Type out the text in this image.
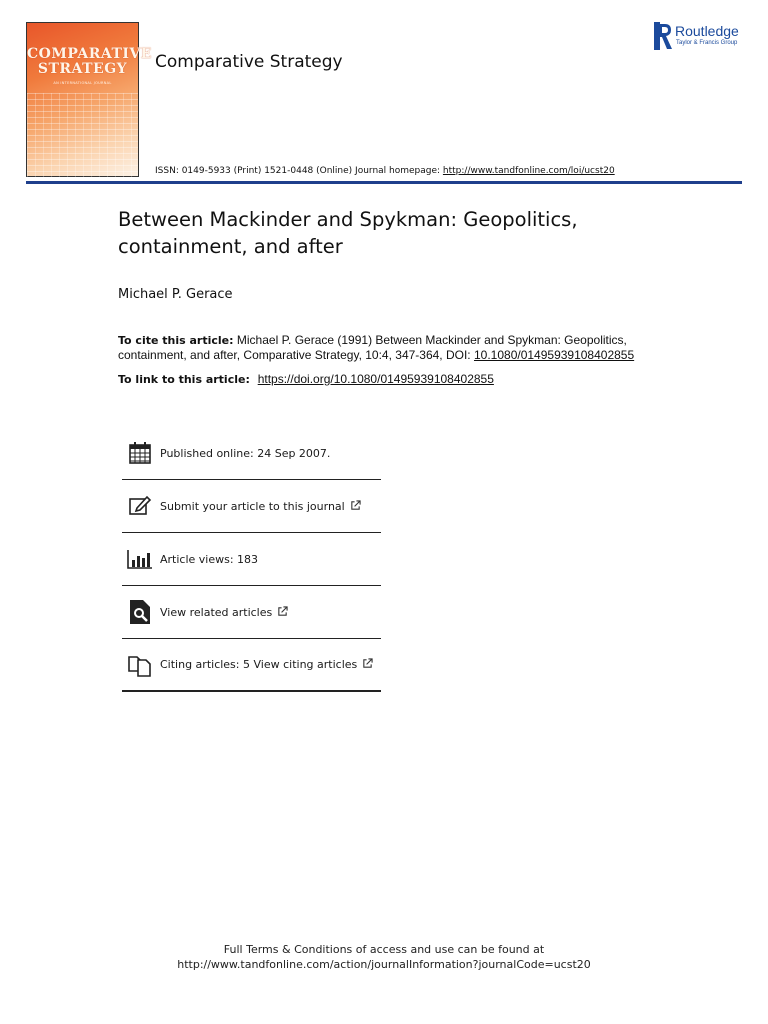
COMPARATIVE
STRATEGY
AN INTERNATIONAL JOURNAL
Comparative Strategy
Routledge
Taylor & Francis Group
ISSN: 0149-5933 (Print) 1521-0448 (Online) Journal homepage: http://www.tandfonline.com/loi/ucst20
Between Mackinder and Spykman: Geopolitics, containment, and after
Michael P. Gerace
To cite this article: Michael P. Gerace (1991) Between Mackinder and Spykman: Geopolitics, containment, and after, Comparative Strategy, 10:4, 347-364, DOI: 10.1080/01495939108402855
To link to this article: https://doi.org/10.1080/01495939108402855
Published online: 24 Sep 2007.
Submit your article to this journal
Article views: 183
View related articles
Citing articles: 5 View citing articles
Full Terms & Conditions of access and use can be found at
http://www.tandfonline.com/action/journalInformation?journalCode=ucst20
